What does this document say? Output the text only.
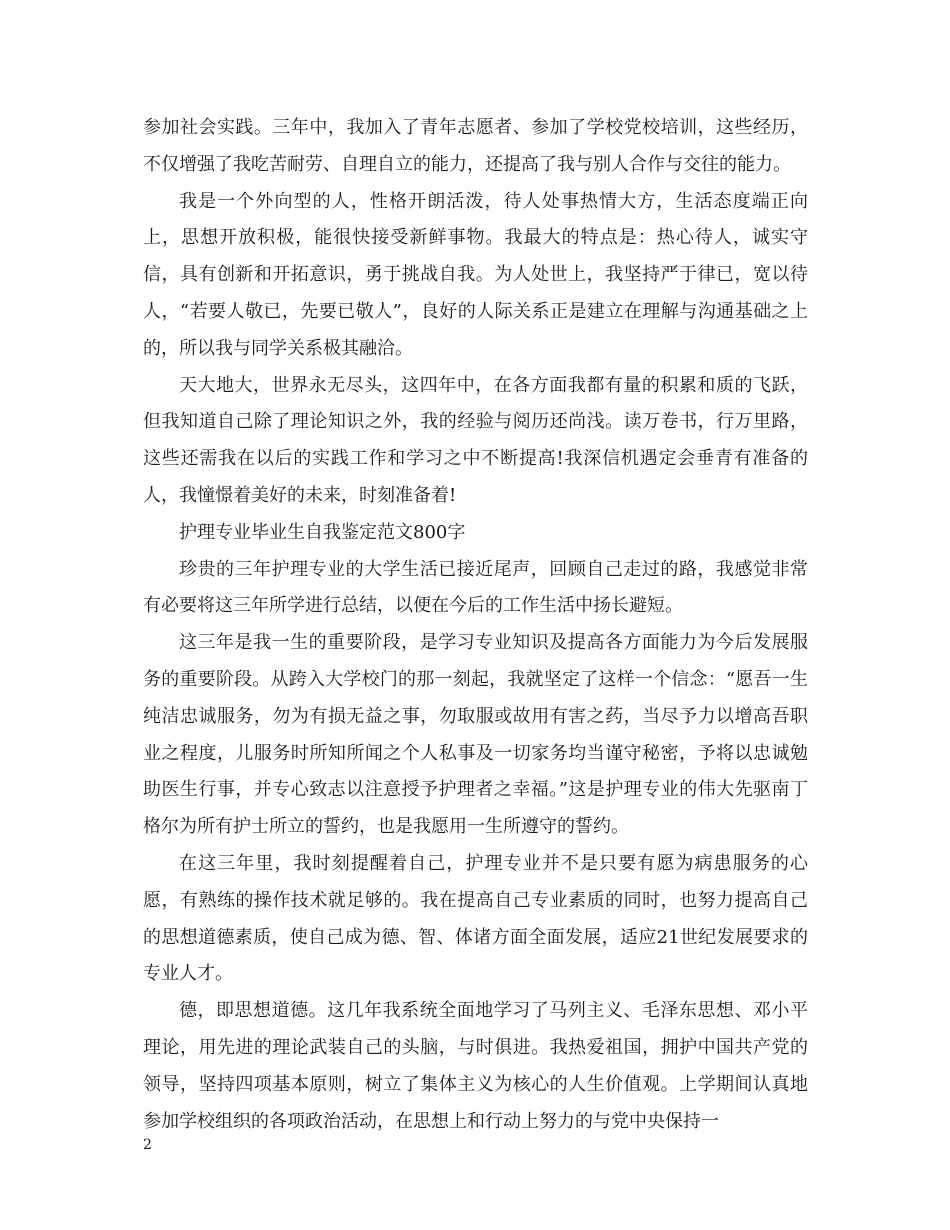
参加社会实践。三年中，我加入了青年志愿者、参加了学校党校培训，这些经历，不仅增强了我吃苦耐劳、自理自立的能力，还提高了我与别人合作与交往的能力。

我是一个外向型的人，性格开朗活泼，待人处事热情大方，生活态度端正向上，思想开放积极，能很快接受新鲜事物。我最大的特点是：热心待人，诚实守信，具有创新和开拓意识，勇于挑战自我。为人处世上，我坚持严于律已，宽以待人，“若要人敬已，先要已敬人”，良好的人际关系正是建立在理解与沟通基础之上的，所以我与同学关系极其融洽。

天大地大，世界永无尽头，这四年中，在各方面我都有量的积累和质的飞跃，但我知道自己除了理论知识之外，我的经验与阅历还尚浅。读万卷书，行万里路，这些还需我在以后的实践工作和学习之中不断提高!我深信机遇定会垂青有准备的人，我憧憬着美好的未来，时刻准备着!

护理专业毕业生自我鉴定范文800字

珍贵的三年护理专业的大学生活已接近尾声，回顾自己走过的路，我感觉非常有必要将这三年所学进行总结，以便在今后的工作生活中扬长避短。

这三年是我一生的重要阶段，是学习专业知识及提高各方面能力为今后发展服务的重要阶段。从跨入大学校门的那一刻起，我就坚定了这样一个信念：“愿吾一生纯洁忠诚服务，勿为有损无益之事，勿取服或故用有害之药，当尽予力以增高吾职业之程度，儿服务时所知所闻之个人私事及一切家务均当谨守秘密，予将以忠诚勉助医生行事，并专心致志以注意授予护理者之幸福。”这是护理专业的伟大先驱南丁格尔为所有护士所立的誓约，也是我愿用一生所遵守的誓约。

在这三年里，我时刻提醒着自己，护理专业并不是只要有愿为病患服务的心愿，有熟练的操作技术就足够的。我在提高自己专业素质的同时，也努力提高自己的思想道德素质，使自己成为德、智、体诸方面全面发展，适应21世纪发展要求的专业人才。

德，即思想道德。这几年我系统全面地学习了马列主义、毛泽东思想、邓小平理论，用先进的理论武装自己的头脑，与时俱进。我热爱祖国，拥护中国共产党的领导，坚持四项基本原则，树立了集体主义为核心的人生价值观。上学期间认真地参加学校组织的各项政治活动，在思想上和行动上努力的与党中央保持一

2
